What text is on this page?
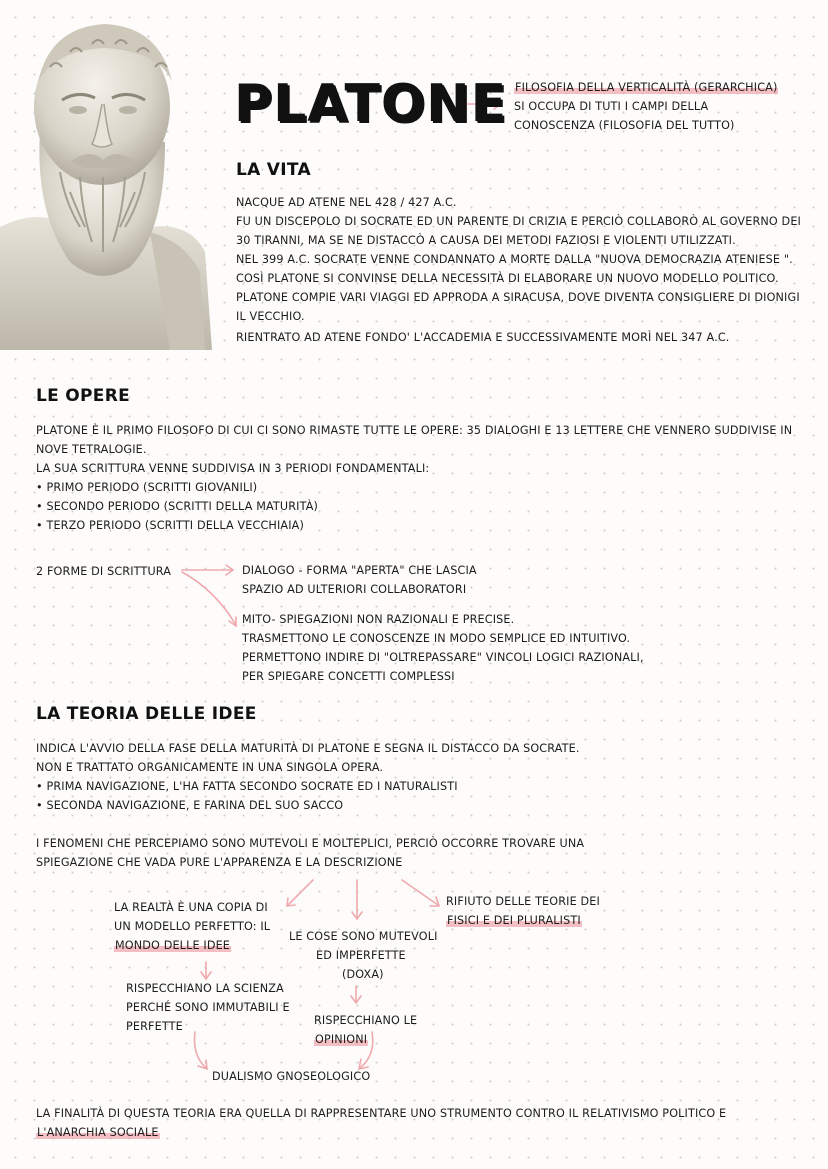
PLATONE FILOSOFIA DELLA VERTICALITÀ (GERARCHICA)
SI OCCUPA DI TUTI I CAMPI DELLA
CONOSCENZA (FILOSOFIA DEL TUTTO)
LA VITA
NACQUE AD ATENE NEL 428 / 427 A.C.
FU UN DISCEPOLO DI SOCRATE ED UN PARENTE DI CRIZIA E PERCIÒ COLLABORÒ AL GOVERNO DEI
30 TIRANNI, MA SE NE DISTACCÒ A CAUSA DEI METODI FAZIOSI E VIOLENTI UTILIZZATI.
NEL 399 A.C. SOCRATE VENNE CONDANNATO A MORTE DALLA "NUOVA DEMOCRAZIA ATENIESE ".
COSÌ PLATONE SI CONVINSE DELLA NECESSITÀ DI ELABORARE UN NUOVO MODELLO POLITICO.
PLATONE COMPIE VARI VIAGGI ED APPRODA A SIRACUSA, DOVE DIVENTA CONSIGLIERE DI DIONIGI
IL VECCHIO.
RIENTRATO AD ATENE FONDO' L'ACCADEMIA E SUCCESSIVAMENTE MORÌ NEL 347 A.C.
LE OPERE
PLATONE È IL PRIMO FILOSOFO DI CUI CI SONO RIMASTE TUTTE LE OPERE: 35 DIALOGHI E 13 LETTERE CHE VENNERO SUDDIVISE IN
NOVE TETRALOGIE.
LA SUA SCRITTURA VENNE SUDDIVISA IN 3 PERIODI FONDAMENTALI:
• PRIMO PERIODO (SCRITTI GIOVANILI)
• SECONDO PERIODO (SCRITTI DELLA MATURITÀ)
• TERZO PERIODO (SCRITTI DELLA VECCHIAIA)
2 FORME DI SCRITTURA	DIALOGO - FORMA "APERTA" CHE LASCIA
SPAZIO AD ULTERIORI COLLABORATORI
MITO- SPIEGAZIONI NON RAZIONALI E PRECISE.
TRASMETTONO LE CONOSCENZE IN MODO SEMPLICE ED INTUITIVO.
PERMETTONO INDIRE DI "OLTREPASSARE" VINCOLI LOGICI RAZIONALI,
PER SPIEGARE CONCETTI COMPLESSI
LA TEORIA DELLE IDEE
INDICA L'AVVIO DELLA FASE DELLA MATURITÀ DI PLATONE E SEGNA IL DISTACCO DA SOCRATE.
NON E TRATTATO ORGANICAMENTE IN UNA SINGOLA OPERA.
• PRIMA NAVIGAZIONE, L'HA FATTA SECONDO SOCRATE ED I NATURALISTI
• SECONDA NAVIGAZIONE, E FARINA DEL SUO SACCO
I FENOMENI CHE PERCEPIAMO SONO MUTEVOLI E MOLTEPLICI, PERCIÒ OCCORRE TROVARE UNA
SPIEGAZIONE CHE VADA PURE L'APPARENZA E LA DESCRIZIONE
LA REALTÀ È UNA COPIA DI
UN MODELLO PERFETTO: IL
MONDO DELLE IDEE
LE COSE SONO MUTEVOLI
ED IMPERFETTE
(DOXA)
RIFIUTO DELLE TEORIE DEI
FISICI E DEI PLURALISTI
RISPECCHIANO LA SCIENZA
PERCHÉ SONO IMMUTABILI E
PERFETTE	RISPECCHIANO LE
OPINIONI
DUALISMO GNOSEOLOGICO
LA FINALITÀ DI QUESTA TEORIA ERA QUELLA DI RAPPRESENTARE UNO STRUMENTO CONTRO IL RELATIVISMO POLITICO E
L'ANARCHIA SOCIALE
